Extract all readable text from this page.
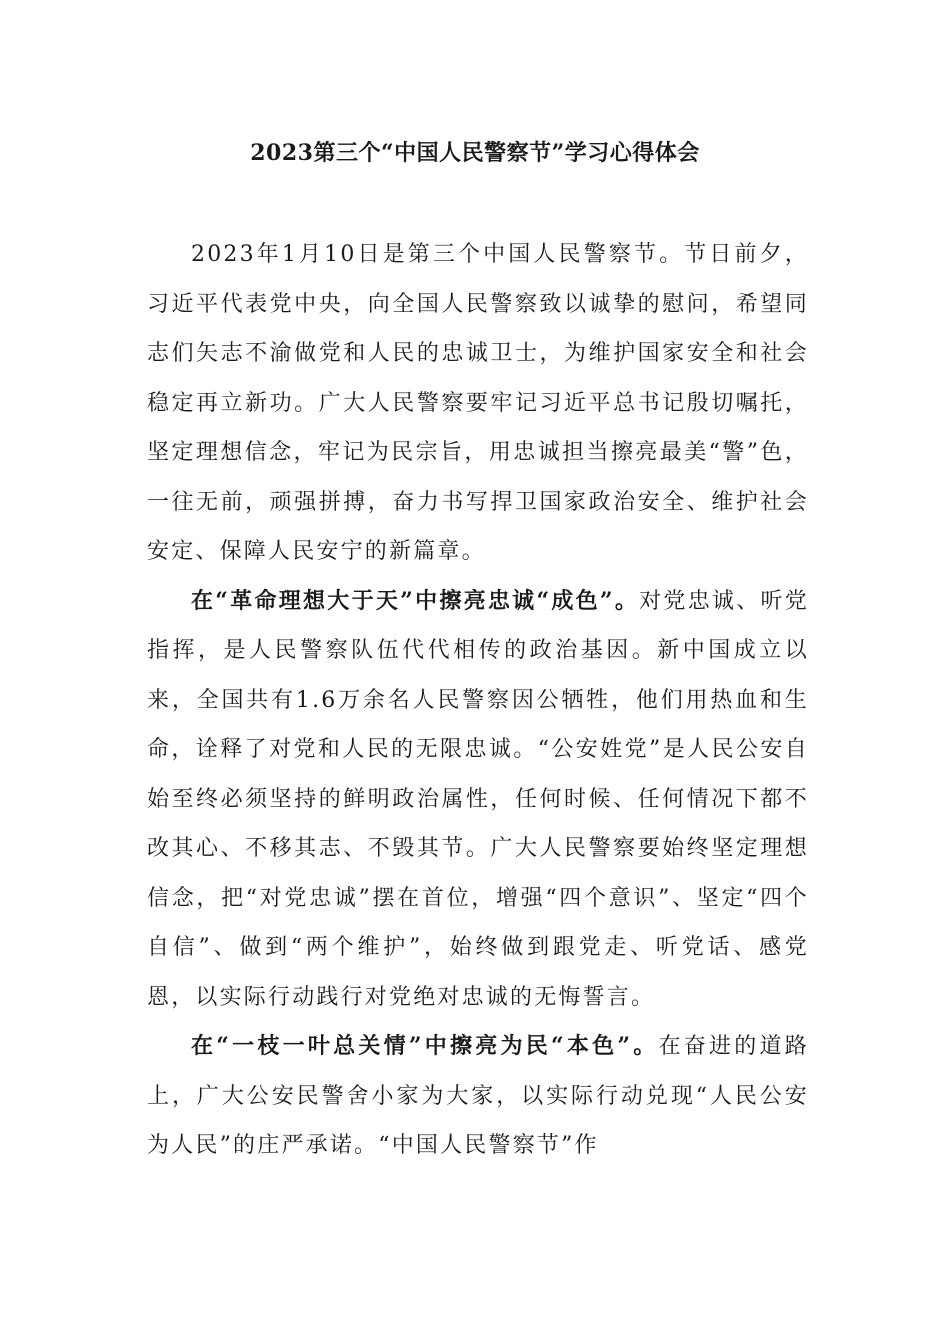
2023第三个“中国人民警察节”学习心得体会

2023年1月10日是第三个中国人民警察节。节日前夕，习近平代表党中央，向全国人民警察致以诚挚的慰问，希望同志们矢志不渝做党和人民的忠诚卫士，为维护国家安全和社会稳定再立新功。广大人民警察要牢记习近平总书记殷切嘱托，坚定理想信念，牢记为民宗旨，用忠诚担当擦亮最美“警”色，一往无前，顽强拼搏，奋力书写捍卫国家政治安全、维护社会安定、保障人民安宁的新篇章。

在“革命理想大于天”中擦亮忠诚“成色”。对党忠诚、听党指挥，是人民警察队伍代代相传的政治基因。新中国成立以来，全国共有1.6万余名人民警察因公牺牲，他们用热血和生命，诠释了对党和人民的无限忠诚。“公安姓党”是人民公安自始至终必须坚持的鲜明政治属性，任何时候、任何情况下都不改其心、不移其志、不毁其节。广大人民警察要始终坚定理想信念，把“对党忠诚”摆在首位，增强“四个意识”、坚定“四个自信”、做到“两个维护”，始终做到跟党走、听党话、感党恩，以实际行动践行对党绝对忠诚的无悔誓言。

在“一枝一叶总关情”中擦亮为民“本色”。在奋进的道路上，广大公安民警舍小家为大家，以实际行动兑现“人民公安为人民”的庄严承诺。“中国人民警察节”作
